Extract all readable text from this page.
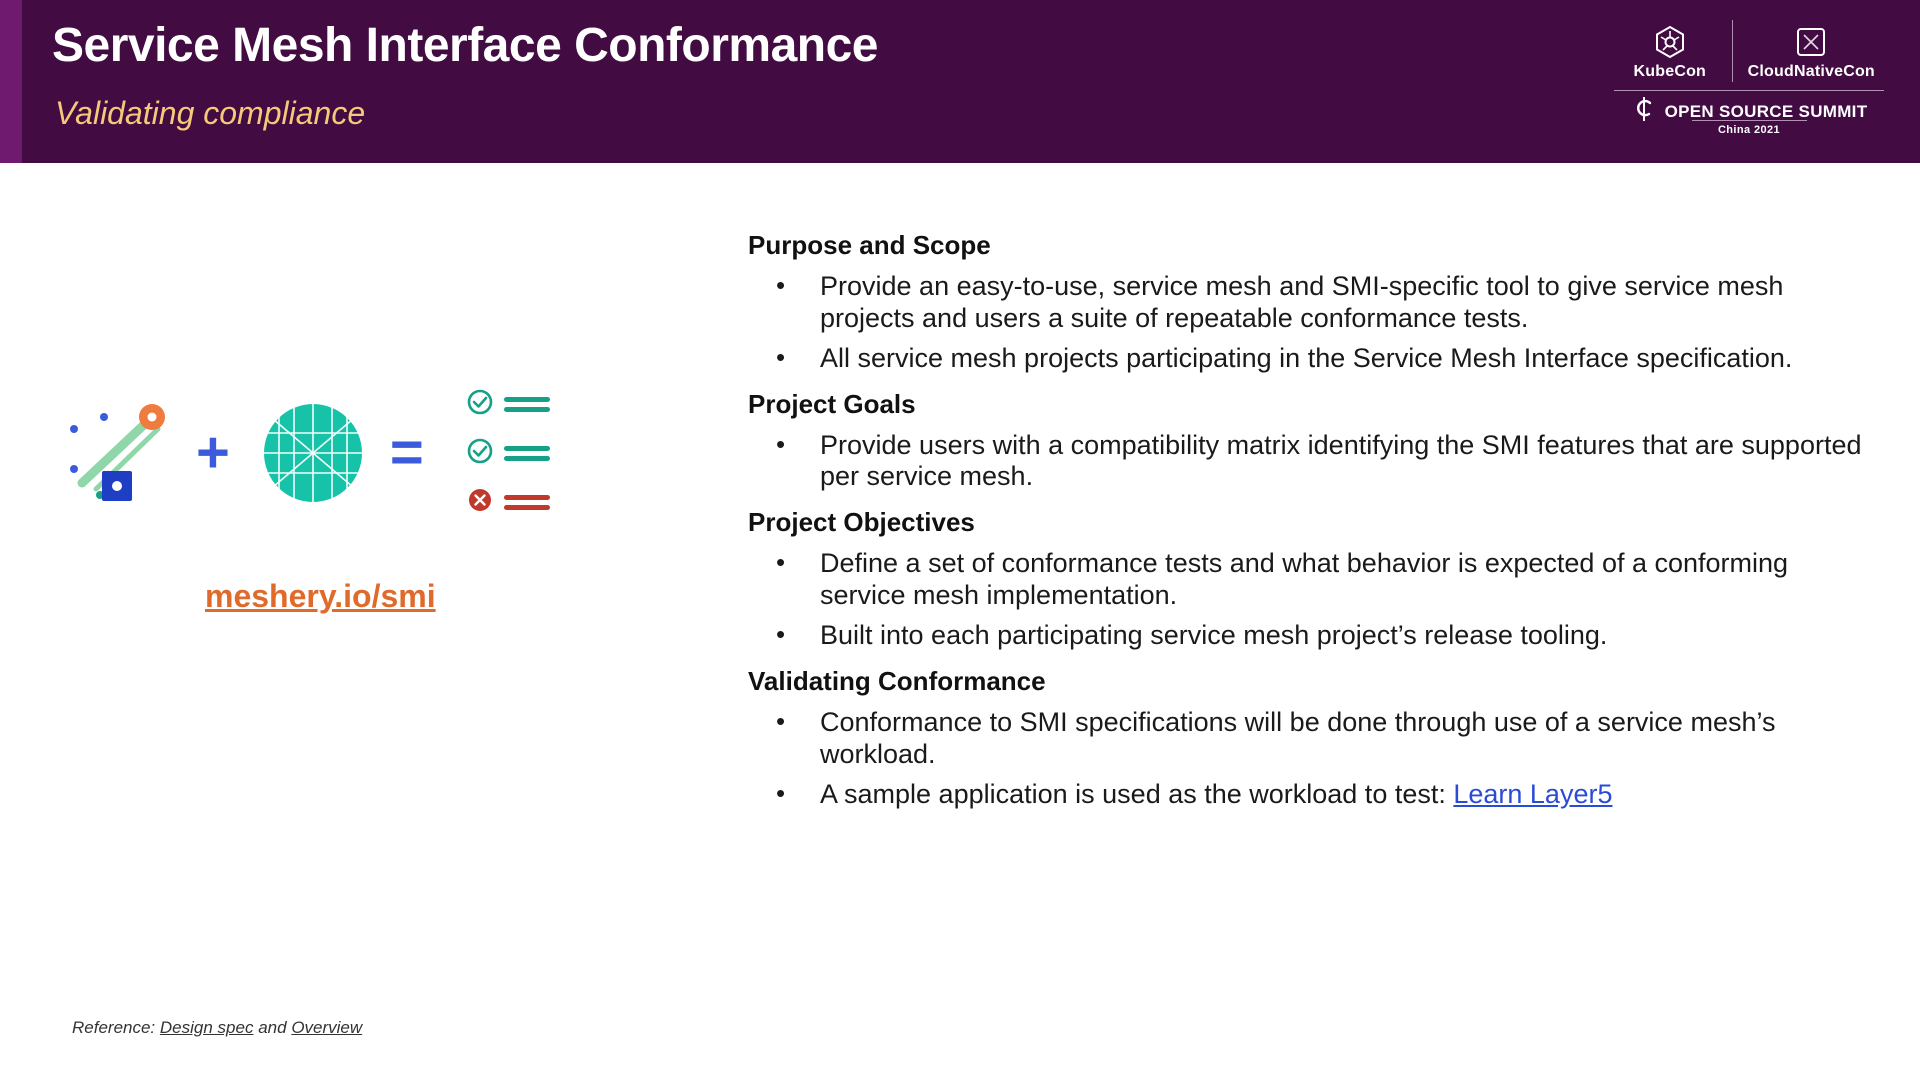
Service Mesh Interface Conformance
Validating compliance
KubeCon	CloudNativeCon
OPEN SOURCE SUMMIT
China 2021
+	=
meshery.io/smi
Reference: Design spec and Overview
Purpose and Scope
• Provide an easy-to-use, service mesh and SMI-specific tool to give service mesh projects and users a suite of repeatable conformance tests.
• All service mesh projects participating in the Service Mesh Interface specification.
Project Goals
• Provide users with a compatibility matrix identifying the SMI features that are supported per service mesh.
Project Objectives
• Define a set of conformance tests and what behavior is expected of a conforming service mesh implementation.
• Built into each participating service mesh project’s release tooling.
Validating Conformance
• Conformance to SMI specifications will be done through use of a service mesh’s workload.
• A sample application is used as the workload to test: Learn Layer5
